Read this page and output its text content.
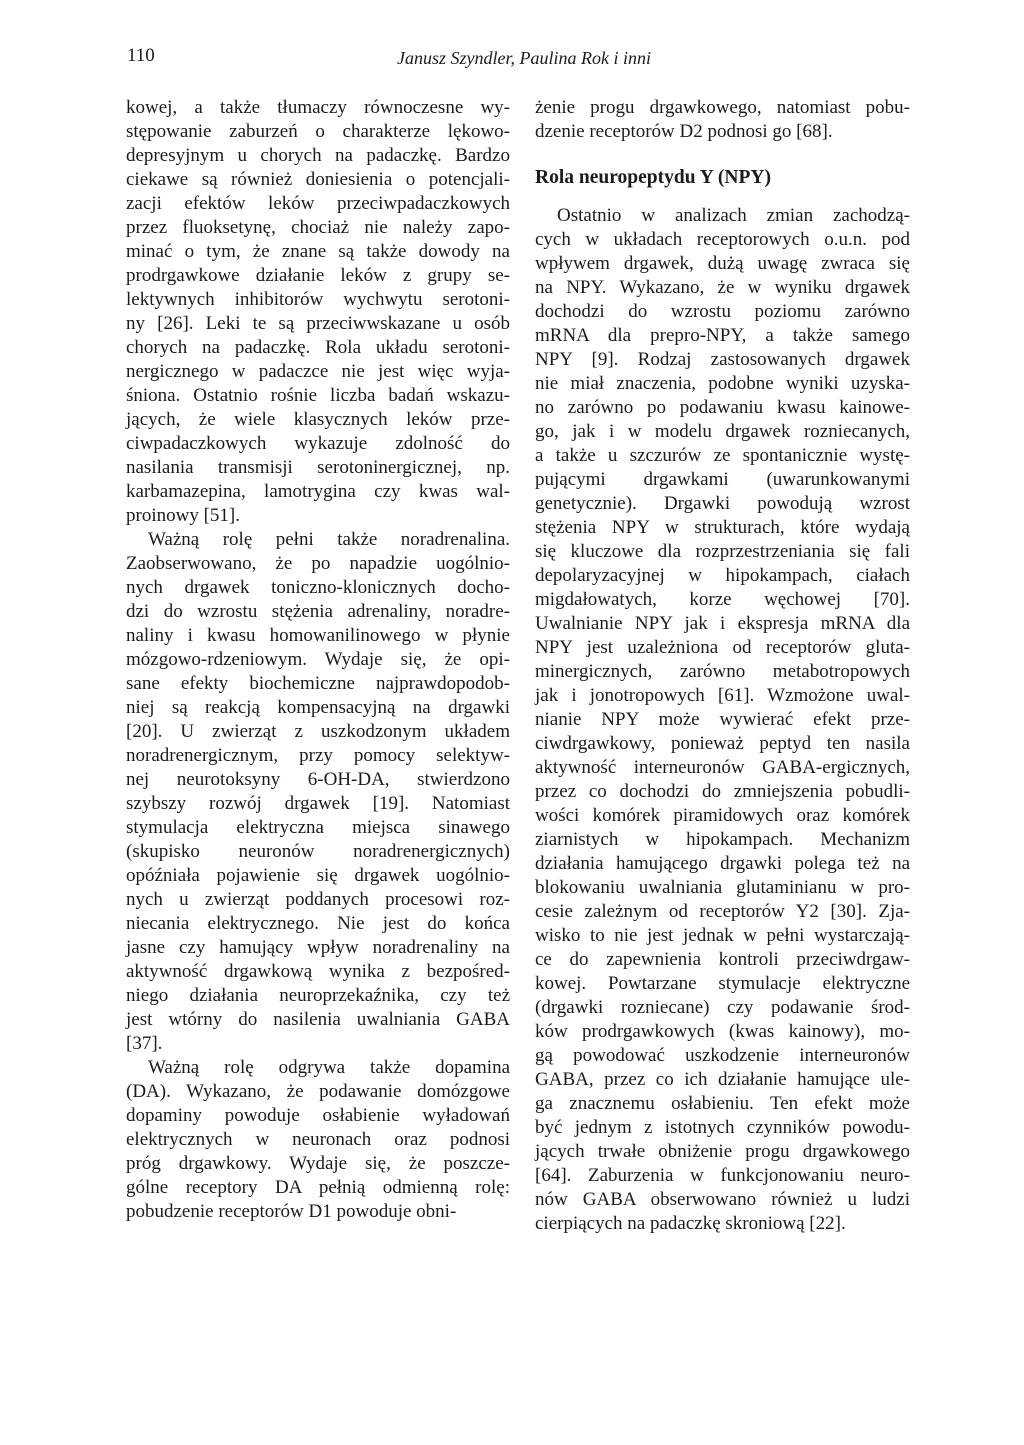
110	Janusz Szyndler, Paulina Rok i inni
kowej, a także tłumaczy równoczesne wy-
stępowanie zaburzeń o charakterze lękowo-
depresyjnym u chorych na padaczkę. Bardzo
ciekawe są również doniesienia o potencjali-
zacji efektów leków przeciwpadaczkowych
przez fluoksetynę, chociaż nie należy zapo-
minać o tym, że znane są także dowody na
prodrgawkowe działanie leków z grupy se-
lektywnych inhibitorów wychwytu serotoni-
ny [26]. Leki te są przeciwwskazane u osób
chorych na padaczkę. Rola układu serotoni-
nergicznego w padaczce nie jest więc wyja-
śniona. Ostatnio rośnie liczba badań wskazu-
jących, że wiele klasycznych leków prze-
ciwpadaczkowych wykazuje zdolność do
nasilania transmisji serotoninergicznej, np.
karbamazepina, lamotrygina czy kwas wal-
proinowy [51].
Ważną rolę pełni także noradrenalina.
Zaobserwowano, że po napadzie uogólnio-
nych drgawek toniczno-klonicznych docho-
dzi do wzrostu stężenia adrenaliny, noradre-
naliny i kwasu homowanilinowego w płynie
mózgowo-rdzeniowym. Wydaje się, że opi-
sane efekty biochemiczne najprawdopodob-
niej są reakcją kompensacyjną na drgawki
[20]. U zwierząt z uszkodzonym układem
noradrenergicznym, przy pomocy selektyw-
nej neurotoksyny 6-OH-DA, stwierdzono
szybszy rozwój drgawek [19]. Natomiast
stymulacja elektryczna miejsca sinawego
(skupisko neuronów noradrenergicznych)
opóźniała pojawienie się drgawek uogólnio-
nych u zwierząt poddanych procesowi roz-
niecania elektrycznego. Nie jest do końca
jasne czy hamujący wpływ noradrenaliny na
aktywność drgawkową wynika z bezpośred-
niego działania neuroprzekaźnika, czy też
jest wtórny do nasilenia uwalniania GABA
[37].
Ważną rolę odgrywa także dopamina
(DA). Wykazano, że podawanie domózgowe
dopaminy powoduje osłabienie wyładowań
elektrycznych w neuronach oraz podnosi
próg drgawkowy. Wydaje się, że poszcze-
gólne receptory DA pełnią odmienną rolę:
pobudzenie receptorów D1 powoduje obni-
żenie progu drgawkowego, natomiast pobu-
dzenie receptorów D2 podnosi go [68].
Rola neuropeptydu Y (NPY)
Ostatnio w analizach zmian zachodzą-
cych w układach receptorowych o.u.n. pod
wpływem drgawek, dużą uwagę zwraca się
na NPY. Wykazano, że w wyniku drgawek
dochodzi do wzrostu poziomu zarówno
mRNA dla prepro-NPY, a także samego
NPY [9]. Rodzaj zastosowanych drgawek
nie miał znaczenia, podobne wyniki uzyska-
no zarówno po podawaniu kwasu kainowe-
go, jak i w modelu drgawek rozniecanych,
a także u szczurów ze spontanicznie wystę-
pującymi drgawkami (uwarunkowanymi
genetycznie). Drgawki powodują wzrost
stężenia NPY w strukturach, które wydają
się kluczowe dla rozprzestrzeniania się fali
depolaryzacyjnej w hipokampach, ciałach
migdałowatych, korze węchowej [70].
Uwalnianie NPY jak i ekspresja mRNA dla
NPY jest uzależniona od receptorów gluta-
minergicznych, zarówno metabotropowych
jak i jonotropowych [61]. Wzmożone uwal-
nianie NPY może wywierać efekt prze-
ciwdrgawkowy, ponieważ peptyd ten nasila
aktywność interneuronów GABA-ergicznych,
przez co dochodzi do zmniejszenia pobudli-
wości komórek piramidowych oraz komórek
ziarnistych w hipokampach. Mechanizm
działania hamującego drgawki polega też na
blokowaniu uwalniania glutaminianu w pro-
cesie zależnym od receptorów Y2 [30]. Zja-
wisko to nie jest jednak w pełni wystarczają-
ce do zapewnienia kontroli przeciwdrgaw-
kowej. Powtarzane stymulacje elektryczne
(drgawki rozniecane) czy podawanie środ-
ków prodrgawkowych (kwas kainowy), mo-
gą powodować uszkodzenie interneuronów
GABA, przez co ich działanie hamujące ule-
ga znacznemu osłabieniu. Ten efekt może
być jednym z istotnych czynników powodu-
jących trwałe obniżenie progu drgawkowego
[64]. Zaburzenia w funkcjonowaniu neuro-
nów GABA obserwowano również u ludzi
cierpiących na padaczkę skroniową [22].
